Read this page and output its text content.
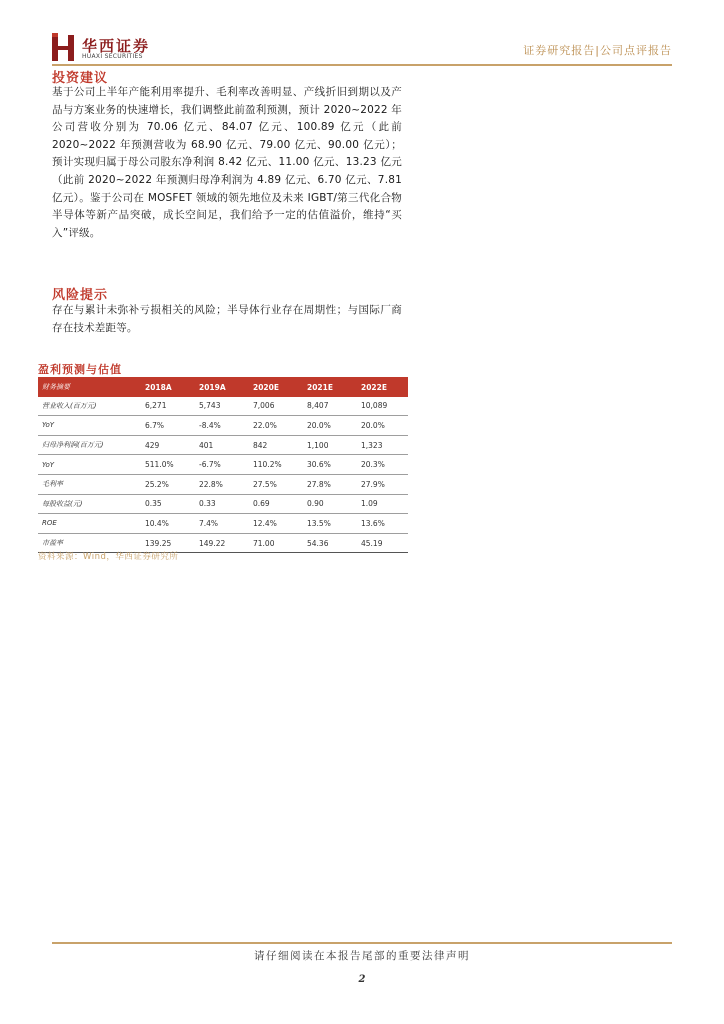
华西证券
HUAXI SECURITIES	证券研究报告|公司点评报告
投资建议

基于公司上半年产能利用率提升、毛利率改善明显、产线折旧到期以及产品与方案业务的快速增长，我们调整此前盈利预测，预计 2020~2022 年公司营收分别为 70.06 亿元、84.07 亿元、100.89 亿元（此前 2020~2022 年预测营收为 68.90 亿元、79.00 亿元、90.00 亿元）；预计实现归属于母公司股东净利润 8.42 亿元、11.00 亿元、13.23 亿元（此前 2020~2022 年预测归母净利润为 4.89 亿元、6.70 亿元、7.81 亿元）。鉴于公司在 MOSFET 领域的领先地位及未来 IGBT/第三代化合物半导体等新产品突破，成长空间足，我们给予一定的估值溢价，维持“买入”评级。

风险提示

存在与累计未弥补亏损相关的风险；半导体行业存在周期性；与国际厂商存在技术差距等。

盈利预测与估值
财务摘要	2018A	2019A	2020E	2021E	2022E
营业收入(百万元)	6,271	5,743	7,006	8,407	10,089
YoY	6.7%	-8.4%	22.0%	20.0%	20.0%
归母净利润(百万元)	429	401	842	1,100	1,323
YoY	511.0%	-6.7%	110.2%	30.6%	20.3%
毛利率	25.2%	22.8%	27.5%	27.8%	27.9%
每股收益(元)	0.35	0.33	0.69	0.90	1.09
ROE	10.4%	7.4%	12.4%	13.5%	13.6%
市盈率	139.25	149.22	71.00	54.36	45.19
资料来源：Wind，华西证券研究所
请仔细阅读在本报告尾部的重要法律声明
2
